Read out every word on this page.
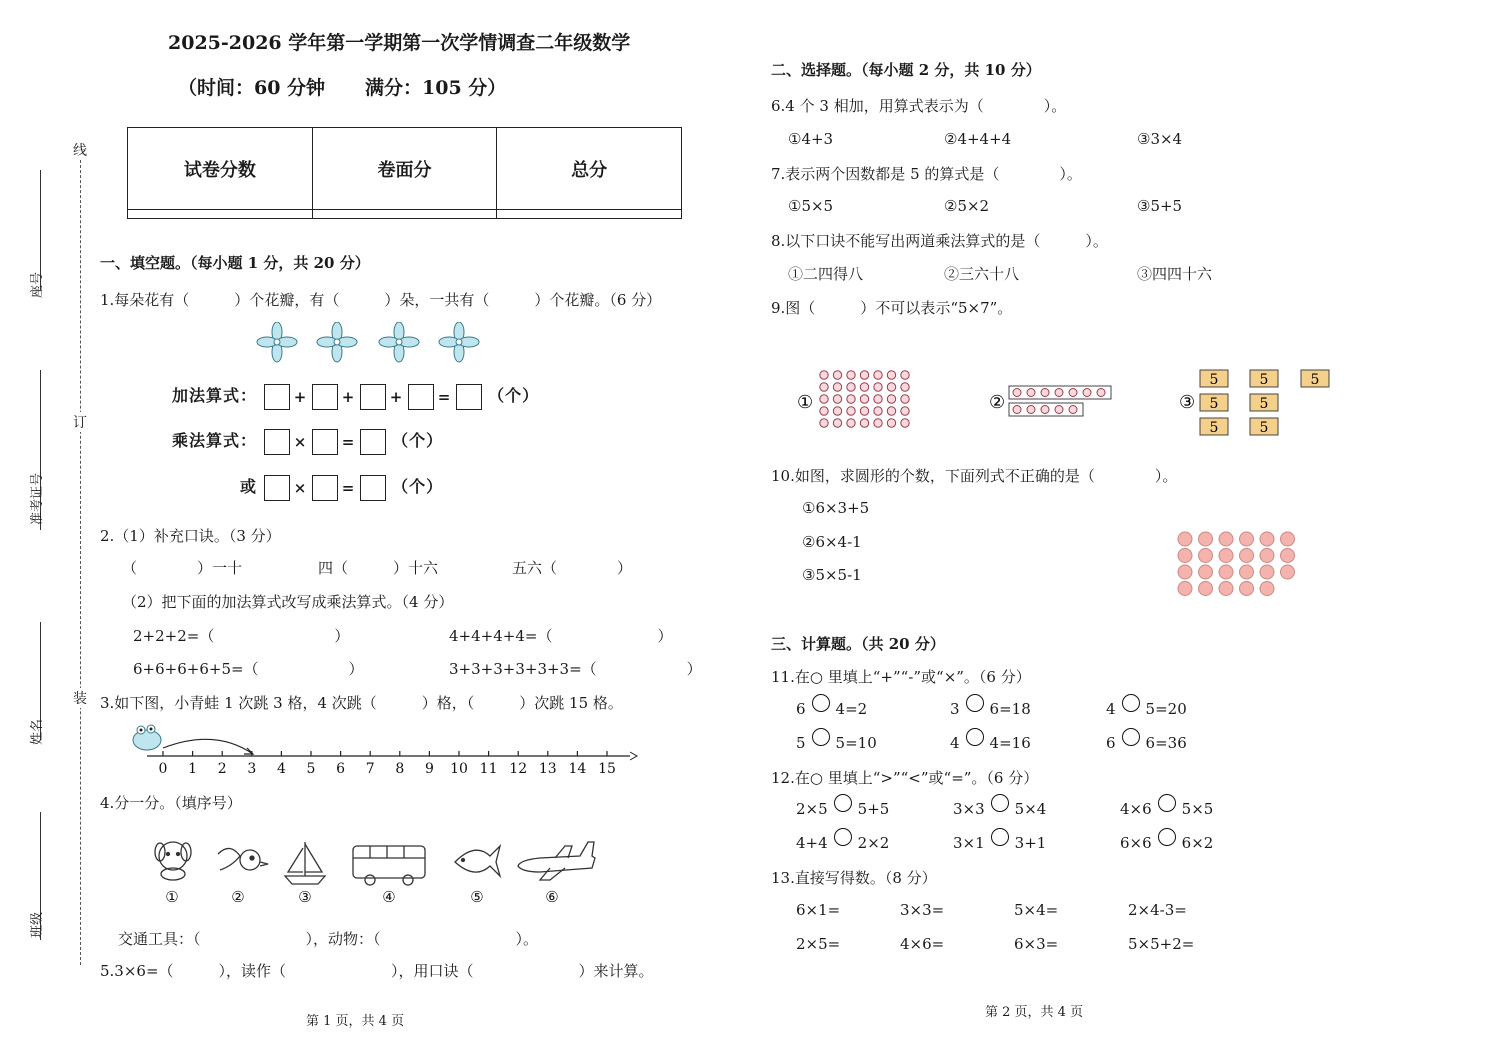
线
订
装
座号
准考证号
姓名
班级
2025-2026 学年第一学期第一次学情调查二年级数学
（时间：60 分钟 满分：105 分）
试卷分数	卷面分	总分

一、填空题。（每小题 1 分，共 20 分）
1.每朵花有（　　　）个花瓣，有（　　　）朵，一共有（　　　）个花瓣。（6 分）
加法算式： + + + = （个）
乘法算式： × = （个）
或 × = （个）
2.（1）补充口诀。（3 分）
（　　　　）一十	四（　　　）十六	五六（　　　　）
（2）把下面的加法算式改写成乘法算式。（4 分）
2+2+2=（　　　　　　　　）	4+4+4+4=（　　　　　　　）
6+6+6+6+5=（　　　　　　）	3+3+3+3+3+3=（　　　　　　）
3.如下图，小青蛙 1 次跳 3 格，4 次跳（　　　）格，（　　　）次跳 15 格。
0 1 2 3 4 5 6 7 8 9 10 11 12 13 14 15
4.分一分。（填序号）
①	②	③	④	⑤	⑥
交通工具：（　　　　　　　），动物：（　　　　　　　　　）。
5.3×6=（　　　），读作（　　　　　　　），用口诀（　　　　　　　）来计算。
第 1 页，共 4 页
二、选择题。（每小题 2 分，共 10 分）
6.4 个 3 相加，用算式表示为（　　　　）。
①4+3	②4+4+4	③3×4
7.表示两个因数都是 5 的算式是（　　　　）。
①5×5	②5×2	③5+5
8.以下口诀不能写出两道乘法算式的是（　　　）。
①二四得八	②三六十八	③四四十六
9.图（　　　）不可以表示“5×7”。
①	②	③
5	5	5
5	5
5	5
10.如图，求圆形的个数，下面列式不正确的是（　　　　）。
①6×3+5
②6×4-1
③5×5-1
三、计算题。（共 20 分）
11.在○ 里填上“+”“-”或“×”。（6 分）
6 4=2	3 6=18	4 5=20
5 5=10	4 4=16	6 6=36
12.在○ 里填上“>”“<”或“=”。（6 分）
2×5 5+5	3×3 5×4	4×6 5×5
4+4 2×2	3×1 3+1	6×6 6×2
13.直接写得数。（8 分）
6×1=	3×3=	5×4=	2×4-3=
2×5=	4×6=	6×3=	5×5+2=
第 2 页，共 4 页
